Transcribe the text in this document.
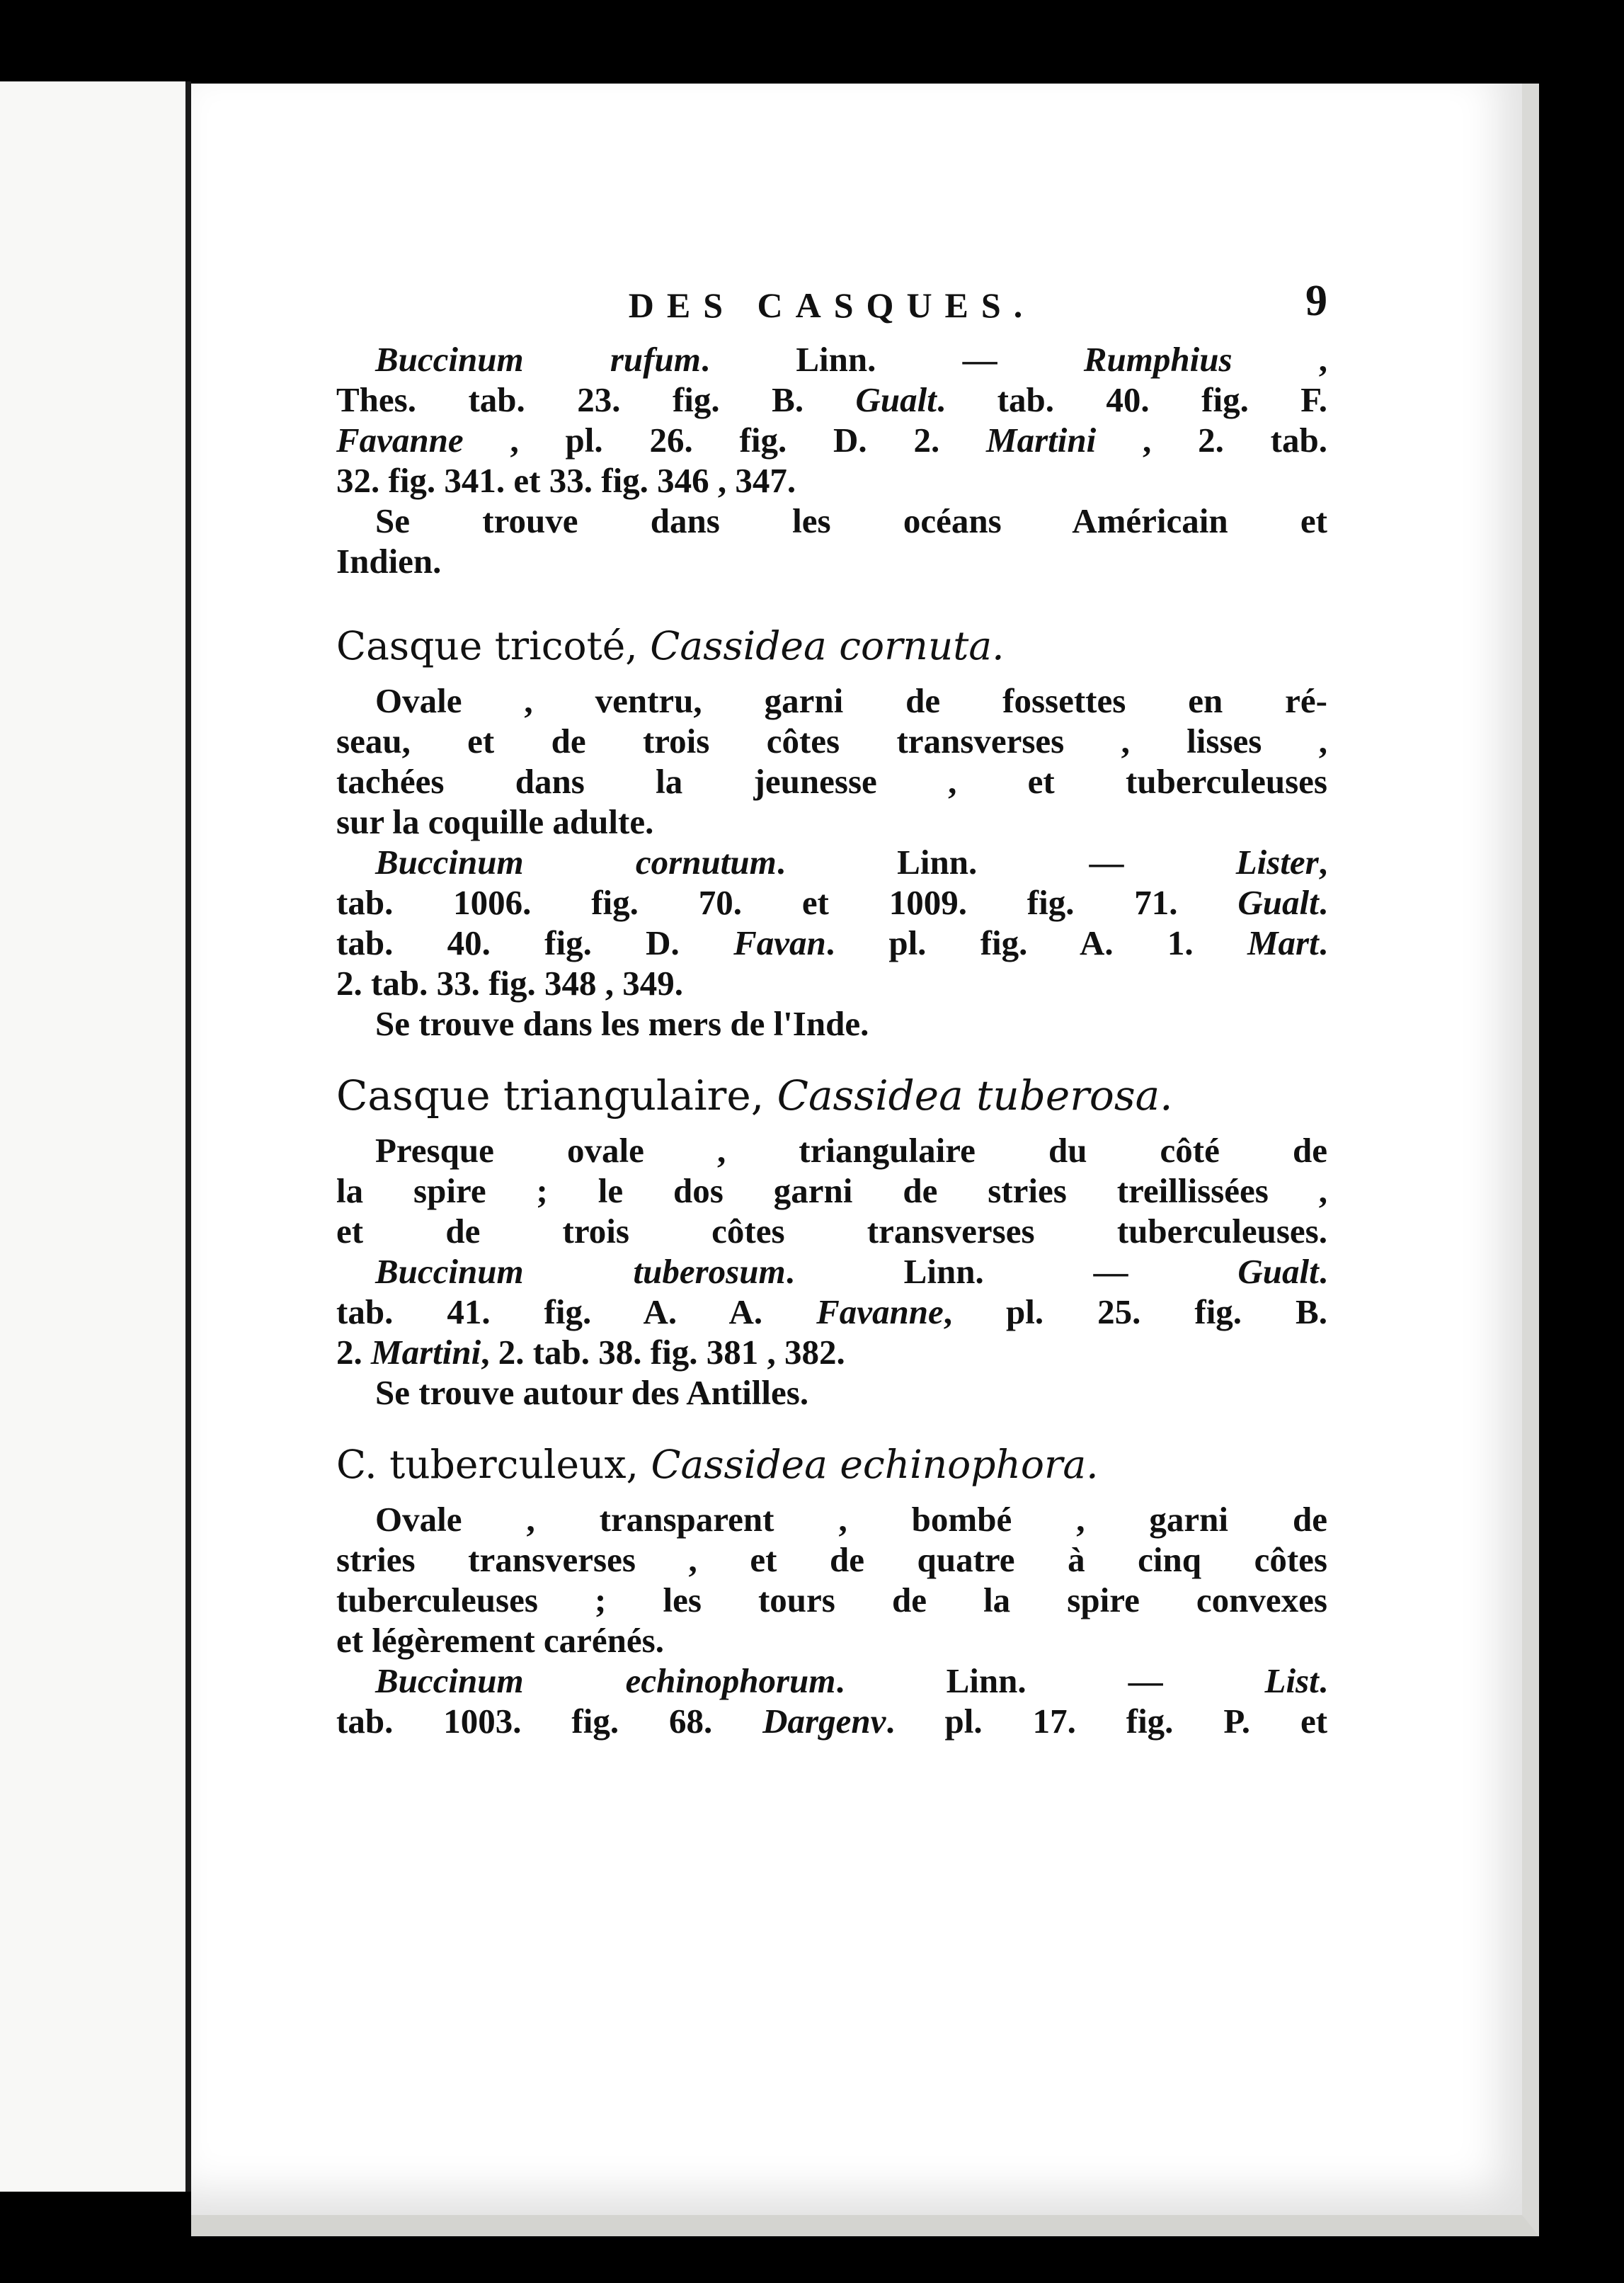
DES CASQUES.	9
Buccinum rufum. Linn. — Rumphius ,
Thes. tab. 23. fig. B. Gualt. tab. 40. fig. F.
Favanne , pl. 26. fig. D. 2. Martini , 2. tab.
32. fig. 341. et 33. fig. 346 , 347.
Se trouve dans les océans Américain et
Indien.
Casque tricoté, Cassidea cornuta.
Ovale , ventru, garni de fossettes en ré-
seau, et de trois côtes transverses , lisses ,
tachées dans la jeunesse , et tuberculeuses
sur la coquille adulte.
Buccinum cornutum. Linn. — Lister,
tab. 1006. fig. 70. et 1009. fig. 71. Gualt.
tab. 40. fig. D. Favan. pl. fig. A. 1. Mart.
2. tab. 33. fig. 348 , 349.
Se trouve dans les mers de l'Inde.
Casque triangulaire, Cassidea tuberosa.
Presque ovale , triangulaire du côté de
la spire ; le dos garni de stries treillissées ,
et de trois côtes transverses tuberculeuses.
Buccinum tuberosum. Linn. — Gualt.
tab. 41. fig. A. A. Favanne, pl. 25. fig. B.
2. Martini, 2. tab. 38. fig. 381 , 382.
Se trouve autour des Antilles.
C. tuberculeux, Cassidea echinophora.
Ovale , transparent , bombé , garni de
stries transverses , et de quatre à cinq côtes
tuberculeuses ; les tours de la spire convexes
et légèrement carénés.
Buccinum echinophorum. Linn. — List.
tab. 1003. fig. 68. Dargenv. pl. 17. fig. P. et
